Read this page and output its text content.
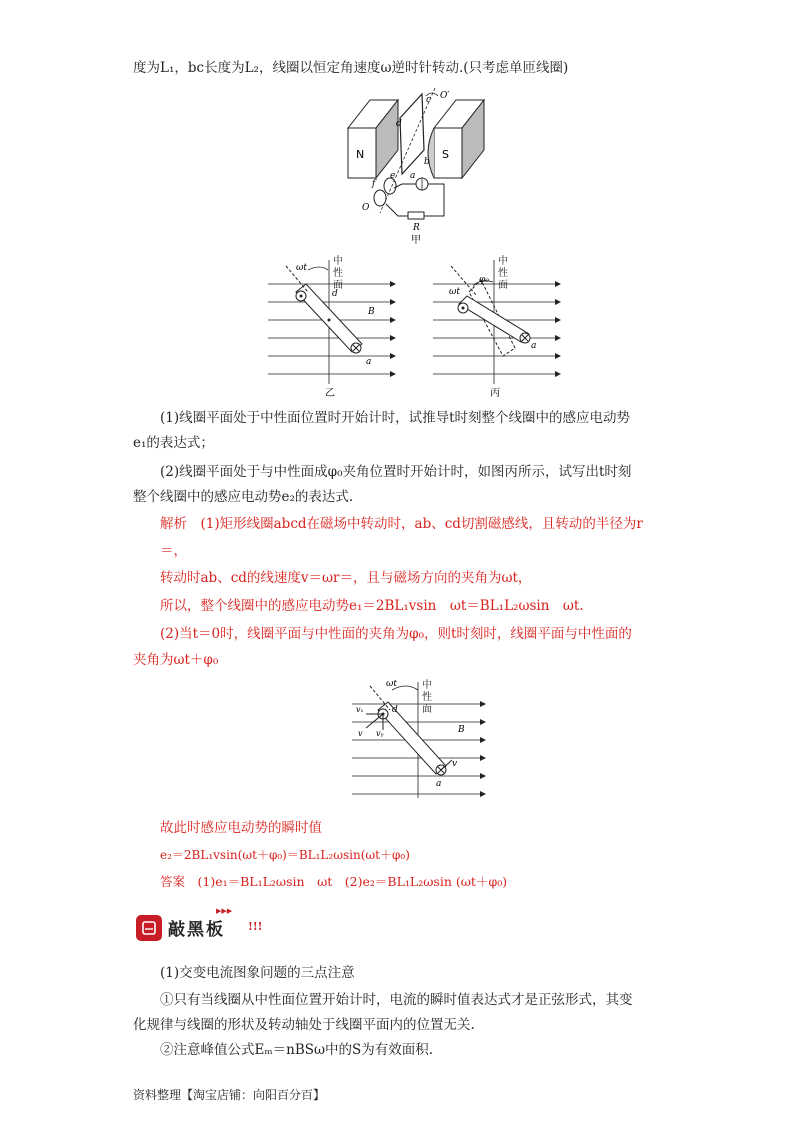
度为L₁，bc长度为L₂，线圈以恒定角速度ω逆时针转动.(只考虑单匝线圈)
N	S
c O′
d
b
f
e a
O
R
甲
ωt
d
B
a
乙
中性面	φ₀
ωt
a
丙
中性面
(1)线圈平面处于中性面位置时开始计时，试推导t时刻整个线圈中的感应电动势
e₁的表达式；
(2)线圈平面处于与中性面成φ₀夹角位置时开始计时，如图丙所示，试写出t时刻
整个线圈中的感应电动势e₂的表达式.
解析　(1)矩形线圈abcd在磁场中转动时，ab、cd切割磁感线，且转动的半径为r
＝，
转动时ab、cd的线速度v＝ωr＝，且与磁场方向的夹角为ωt，
所以，整个线圈中的感应电动势e₁＝2BL₁vsin　ωt＝BL₁L₂ωsin　ωt.
(2)当t＝0时，线圈平面与中性面的夹角为φ₀，则t时刻时，线圈平面与中性面的
夹角为ωt＋φ₀
ωt
vₓ
v vᵧ
d
B
a
v
中性面
故此时感应电动势的瞬时值
e₂＝2BL₁vsin(ωt＋φ₀)＝BL₁L₂ωsin(ωt＋φ₀)
答案　(1)e₁＝BL₁L₂ωsin　ωt　(2)e₂＝BL₁L₂ωsin (ωt＋φ₀)
▶▶▶
敲黑板 !!!
(1)交变电流图象问题的三点注意
①只有当线圈从中性面位置开始计时，电流的瞬时值表达式才是正弦形式，其变
化规律与线圈的形状及转动轴处于线圈平面内的位置无关.
②注意峰值公式Eₘ＝nBSω中的S为有效面积.
资料整理【淘宝店铺：向阳百分百】
